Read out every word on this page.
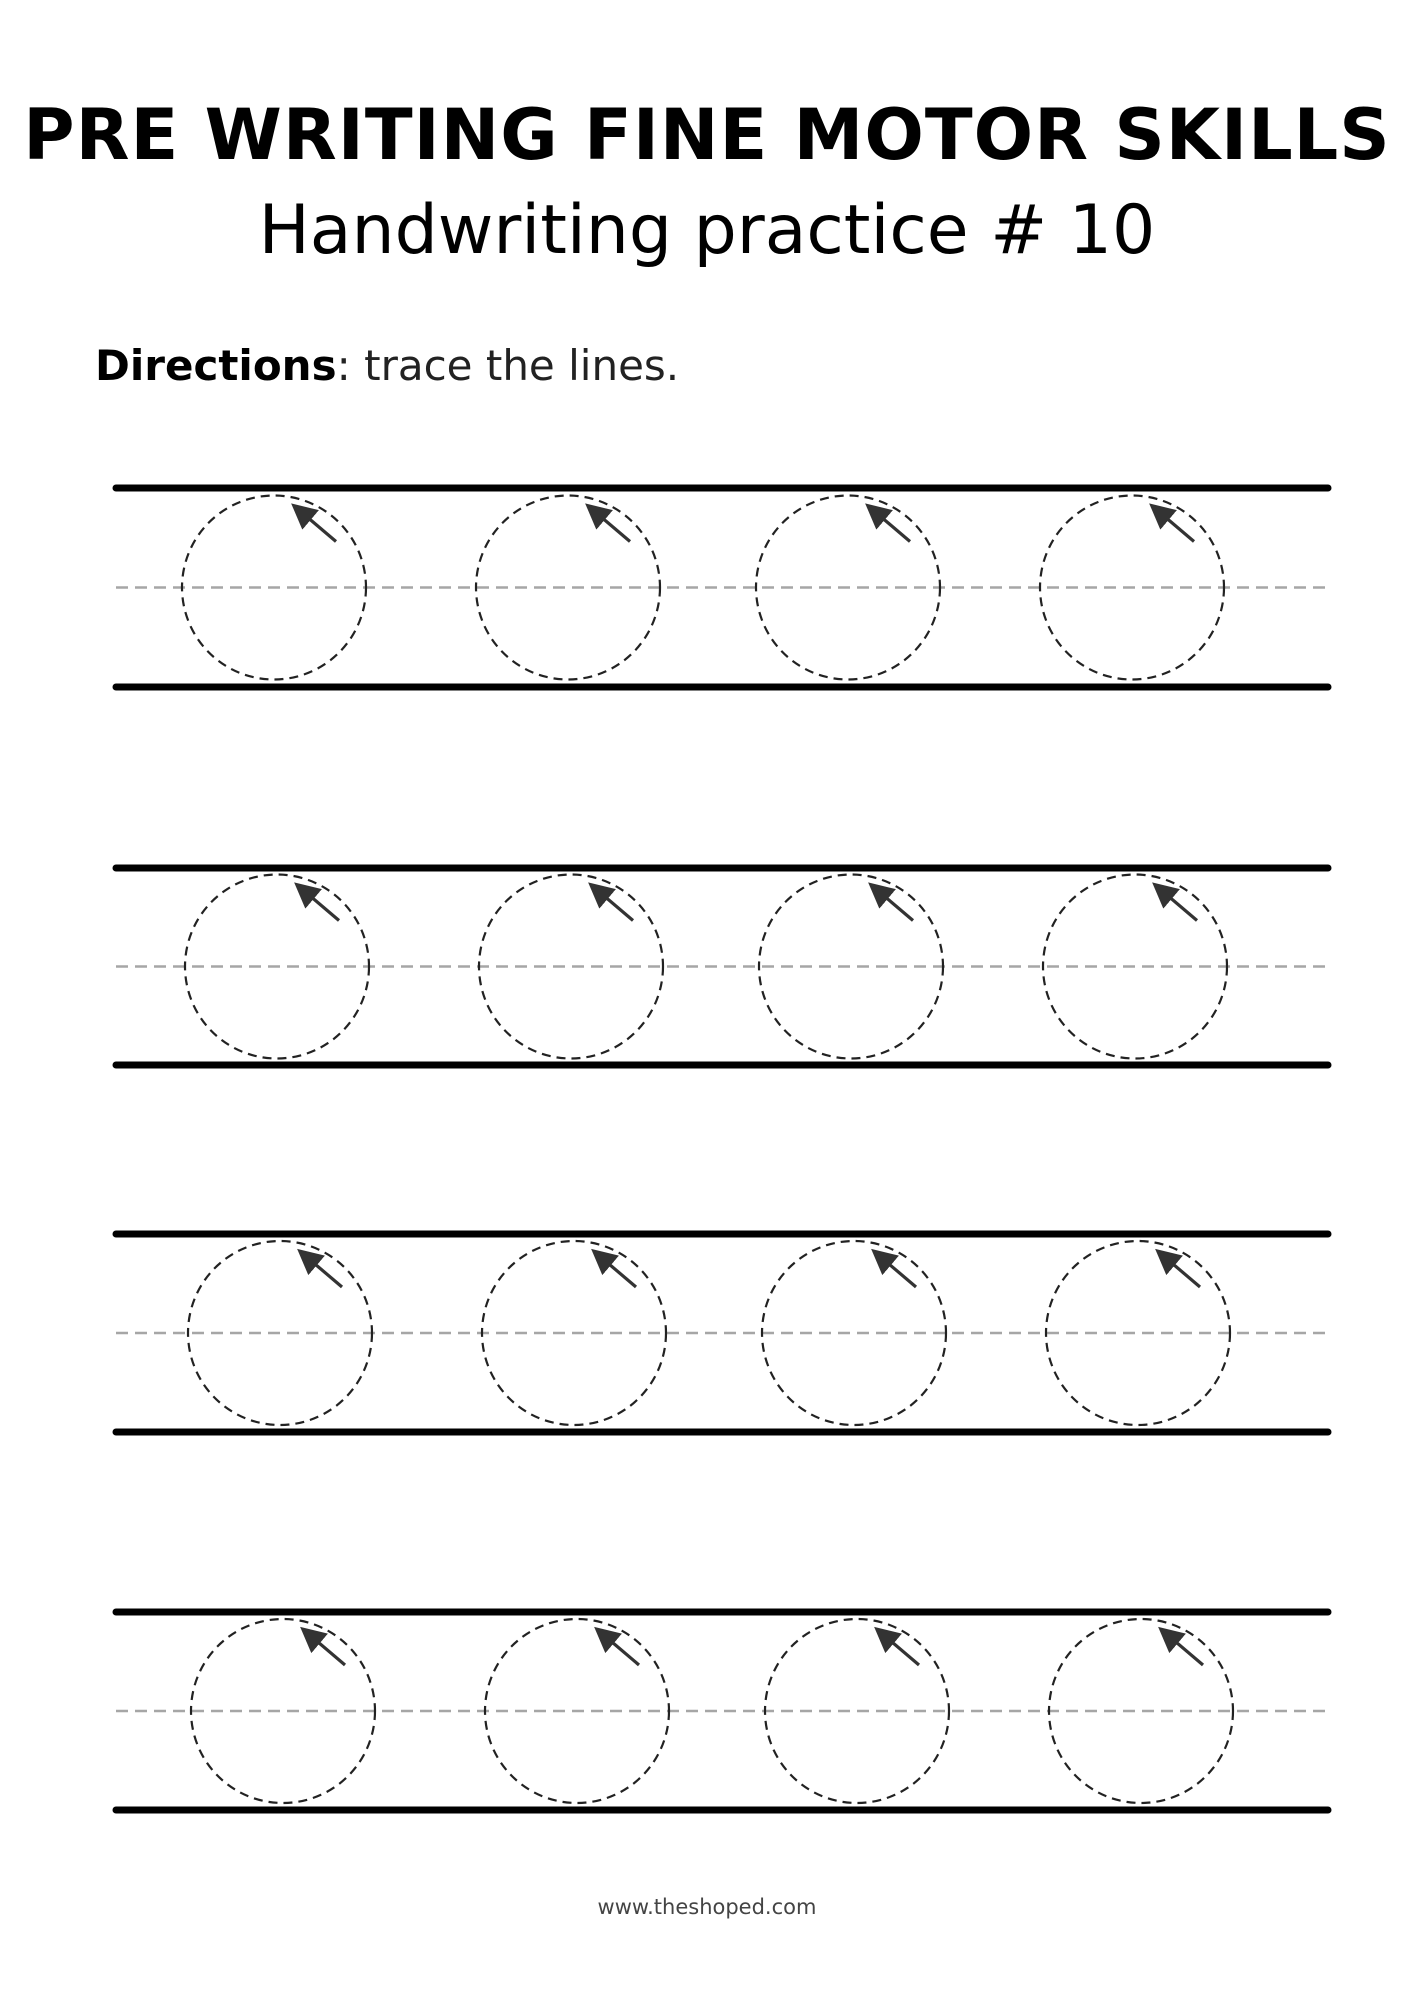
PRE WRITING FINE MOTOR SKILLS
Handwriting practice # 10
Directions: trace the lines.
www.theshoped.com
